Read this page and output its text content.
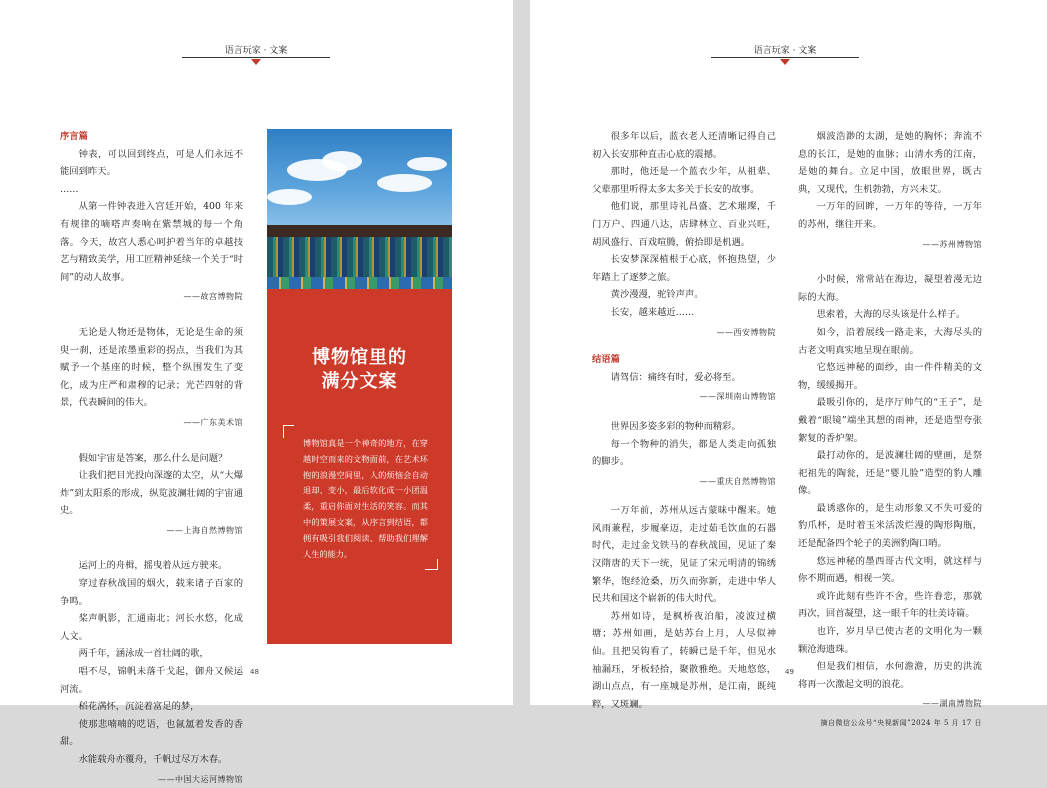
语言玩家 · 文案
序言篇

钟表，可以回到终点，可是人们永远不能回到昨天。

……

从第一件钟表进入宫廷开始，400 年来有规律的嘀嗒声奏响在紫禁城的每一个角落。今天，故宫人悉心呵护着当年的卓越技艺与精致美学，用工匠精神延续一个关于“时间”的动人故事。

——故宫博物院

无论是人物还是物体，无论是生命的须臾一刹，还是浓墨重彩的拐点，当我们为其赋予一个基座的时候，整个纵围发生了变化，成为庄严和肃穆的记录；光芒四射的背景，代表瞬间的伟大。

——广东美术馆

假如宇宙是答案，那么什么是问题？

让我们把目光投向深邃的太空，从“大爆炸”到太阳系的形成，纵览波澜壮阔的宇宙通史。

——上海自然博物馆

运河上的舟楫，摇曳着从远方驶来。

穿过春秋战国的烟火，载来诸子百家的争鸣。

桨声帆影，汇通南北；河长水悠，化成人文。

两千年，涵泳成一首壮阔的歌，

唱不尽，锦帆未落千戈起，御舟又候运河流。

稻花满怀，沉淀着富足的梦，

使那悲喃喃的呓语，也氤氲着发香的香甜。

水能载舟亦覆舟，千帆过尽万木春。

——中国大运河博物馆
博物馆里的
满分文案
博物馆真是一个神奇的地方，在穿越时空而来的文物面前，在艺术环抱的浪漫空间里，人的烦恼会自动退却、变小，最后软化成一小团温柔，重启你面对生活的笑容。而其中的策展文案，从序言到结语，都拥有吸引我们阅读、帮助我们理解人生的能力。
48
语言玩家 · 文案

很多年以后，蓝衣老人还清晰记得自己初入长安那种直击心底的震撼。

那时，他还是一个蓝衣少年，从祖辈、父辈那里听得太多太多关于长安的故事。

他们说，那里诗礼昌盛、艺术璀璨，千门万户、四通八达，店肆林立、百业兴旺，胡风盛行、百戏喧腾，俯拾即是机遇。

长安梦深深植根于心底，怀抱热望，少年踏上了逐梦之旅。

黄沙漫漫，驼铃声声。

长安，越来越近……

——西安博物院
结语篇

请驾信：痛终有时，爱必将至。

——深圳南山博物馆

世界因多姿多彩的物种而精彩。

每一个物种的消失，都是人类走向孤独的脚步。

——重庆自然博物馆

一万年前，苏州从远古蒙昧中醒来。她风雨兼程，步履豪迈，走过茹毛饮血的石器时代，走过金戈铁马的春秋战国，见证了秦汉隋唐的天下一统，见证了宋元明清的锦绣繁华，饱经沧桑，历久而弥新，走进中华人民共和国这个崭新的伟大时代。

苏州如诗，是枫桥夜泊船，凌波过横塘；苏州如画，是姑苏台上月，人尽似神仙。且把吴钩看了，转瞬已是千年，但见水袖漏珏，牙板轻拾，聚散雅绝。天地悠悠，湖山点点，有一座城是苏州，是江南，既纯粹，又斑斓。

烟波浩渺的太湖，是她的胸怀；奔流不息的长江，是她的血脉；山清水秀的江南，是她的舞台。立足中国，放眼世界，既古典，又现代，生机勃勃，方兴未艾。

一万年的回眸，一万年的等待，一万年的苏州，继往开来。

——苏州博物馆

小时候，常常站在海边，凝望着漫无边际的大海。

思索着，大海的尽头该是什么样子。

如今，沿着展线一路走来，大海尽头的古老文明真实地呈现在眼前。

它悠远神秘的面纱，由一件件精美的文物，缓缓揭开。

最吸引你的，是序厅帅气的“王子”，是戴着“眼镜”端坐其想的雨神，还是造型夸张絮复的香炉架。

最打动你的，是波澜壮阔的壁画，是祭祀祖先的陶瓮，还是“婴儿脸”造型的豹人雕像。

最诱惑你的，是生动形象又不失可爱的豹爪杯，是时着玉米活泼烂漫的陶形陶瓶，还是配备四个轮子的美洲豹陶口哨。

悠远神秘的墨西哥古代文明，就这样与你不期而遇，相视一笑。

或许此刻有些许不舍，些许眷恋，那就再次，回首凝望，这一眼千年的壮美诗篇。

也许，岁月早已使古老的文明化为一颗颗沧海遗珠。

但是我们相信，水何澹澹，历史的洪流将再一次激起文明的浪花。

——湖南博物院
摘自微信公众号“央视新闻”2024 年 5 月 17 日
49
